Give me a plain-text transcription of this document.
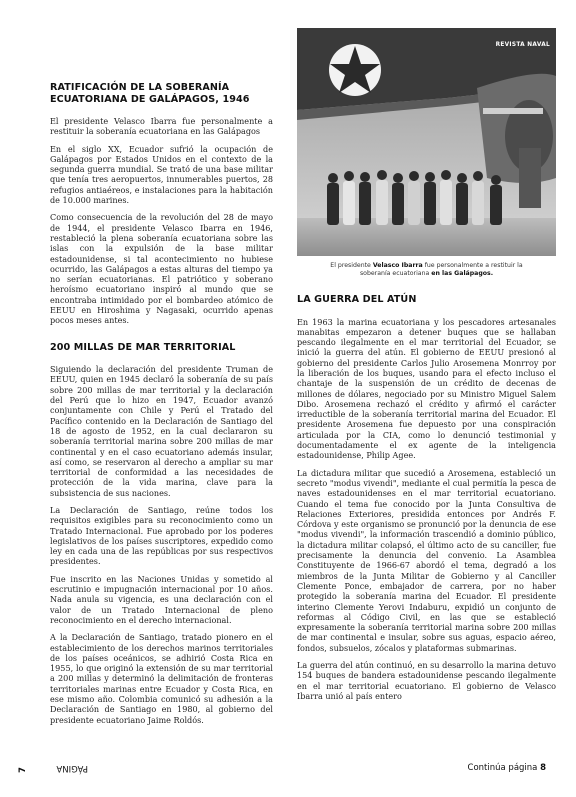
RATIFICACIÓN DE LA SOBERANÍA ECUATORIANA DE GALÁPAGOS, 1946

El presidente Velasco Ibarra fue personalmente a restituir la soberanía ecuatoriana en las Galápagos

En el siglo XX, Ecuador sufrió la ocupación de Galápagos por Estados Unidos en el contexto de la segunda guerra mundial. Se trató de una base militar que tenía tres aeropuertos, innumerables puertos, 28 refugios antiaéreos, e instalaciones para la habitación de 10.000 marines.

Como consecuencia de la revolución del 28 de mayo de 1944, el presidente Velasco Ibarra en 1946, restableció la plena soberanía ecuatoriana sobre las islas con la expulsión de la base militar estadounidense, si tal acontecimiento no hubiese ocurrido, las Galápagos a estas alturas del tiempo ya no serían ecuatorianas. El patriótico y soberano heroísmo ecuatoriano inspiró al mundo que se encontraba intimidado por el bombardeo atómico de EEUU en Hiroshima y Nagasaki, ocurrido apenas pocos meses antes.

200 MILLAS DE MAR TERRITORIAL

Siguiendo la declaración del presidente Truman de EEUU, quien en 1945 declaró la soberanía de su país sobre 200 millas de mar territorial y la declaración del Perú que lo hizo en 1947, Ecuador avanzó conjuntamente con Chile y Perú el Tratado del Pacífico contenido en la Declaración de Santiago del 18 de agosto de 1952, en la cual declararon su soberanía territorial marina sobre 200 millas de mar continental y en el caso ecuatoriano además insular, así como, se reservaron al derecho a ampliar su mar territorial de conformidad a las necesidades de protección de la vida marina, clave para la subsistencia de sus naciones.

La Declaración de Santiago, reúne todos los requisitos exigibles para su reconocimiento como un Tratado Internacional. Fue aprobado por los poderes legislativos de los países suscriptores, expedido como ley en cada una de las repúblicas por sus respectivos presidentes.

Fue inscrito en las Naciones Unidas y sometido al escrutinio e impugnación internacional por 10 años. Nada anula su vigencia, es una declaración con el valor de un Tratado Internacional de pleno reconocimiento en el derecho internacional.

A la Declaración de Santiago, tratado pionero en el establecimiento de los derechos marinos territoriales de los países oceánicos, se adhirió Costa Rica en 1955, lo que originó la extensión de su mar territorial a 200 millas y determinó la delimitación de fronteras territoriales marinas entre Ecuador y Costa Rica, en ese mismo año. Colombia comunicó su adhesión a la Declaración de Santiago en 1980, al gobierno del presidente ecuatoriano Jaime Roldós.

REVISTA NAVAL
El presidente Velasco Ibarra fue personalmente a restituir la soberanía ecuatoriana en las Galápagos.
LA GUERRA DEL ATÚN

En 1963 la marina ecuatoriana y los pescadores artesanales manabitas empezaron a detener buques que se hallaban pescando ilegalmente en el mar territorial del Ecuador, se inició la guerra del atún. El gobierno de EEUU presionó al gobierno del presidente Carlos Julio Arosemena Monrroy por la liberación de los buques, usando para el efecto incluso el chantaje de la suspensión de un crédito de decenas de millones de dólares, negociado por su Ministro Miguel Salem Dibo. Arosemena rechazó el crédito y afirmó el carácter irreductible de la soberanía territorial marina del Ecuador. El presidente Arosemena fue depuesto por una conspiración articulada por la CIA, como lo denunció testimonial y documentadamente el ex agente de la inteligencia estadounidense, Philip Agee.

La dictadura militar que sucedió a Arosemena, estableció un secreto "modus vivendi", mediante el cual permitía la pesca de naves estadounidenses en el mar territorial ecuatoriano. Cuando el tema fue conocido por la Junta Consultiva de Relaciones Exteriores, presidida entonces por Andrés F. Córdova y este organismo se pronunció por la denuncia de ese "modus vivendi", la información trascendió a dominio público, la dictadura militar colapsó, el último acto de su canciller, fue precisamente la denuncia del convenio. La Asamblea Constituyente de 1966-67 abordó el tema, degradó a los miembros de la Junta Militar de Gobierno y al Canciller Clemente Ponce, embajador de carrera, por no haber protegido la soberanía marina del Ecuador. El presidente interino Clemente Yerovi Indaburu, expidió un conjunto de reformas al Código Civil, en las que se estableció expresamente la soberanía territorial marina sobre 200 millas de mar continental e insular, sobre sus aguas, espacio aéreo, fondos, subsuelos, zócalos y plataformas submarinas.

La guerra del atún continuó, en su desarrollo la marina detuvo 154 buques de bandera estadounidense pescando ilegalmente en el mar territorial ecuatoriano. El gobierno de Velasco Ibarra unió al país entero

PÁGINA
7	Continúa página 8
